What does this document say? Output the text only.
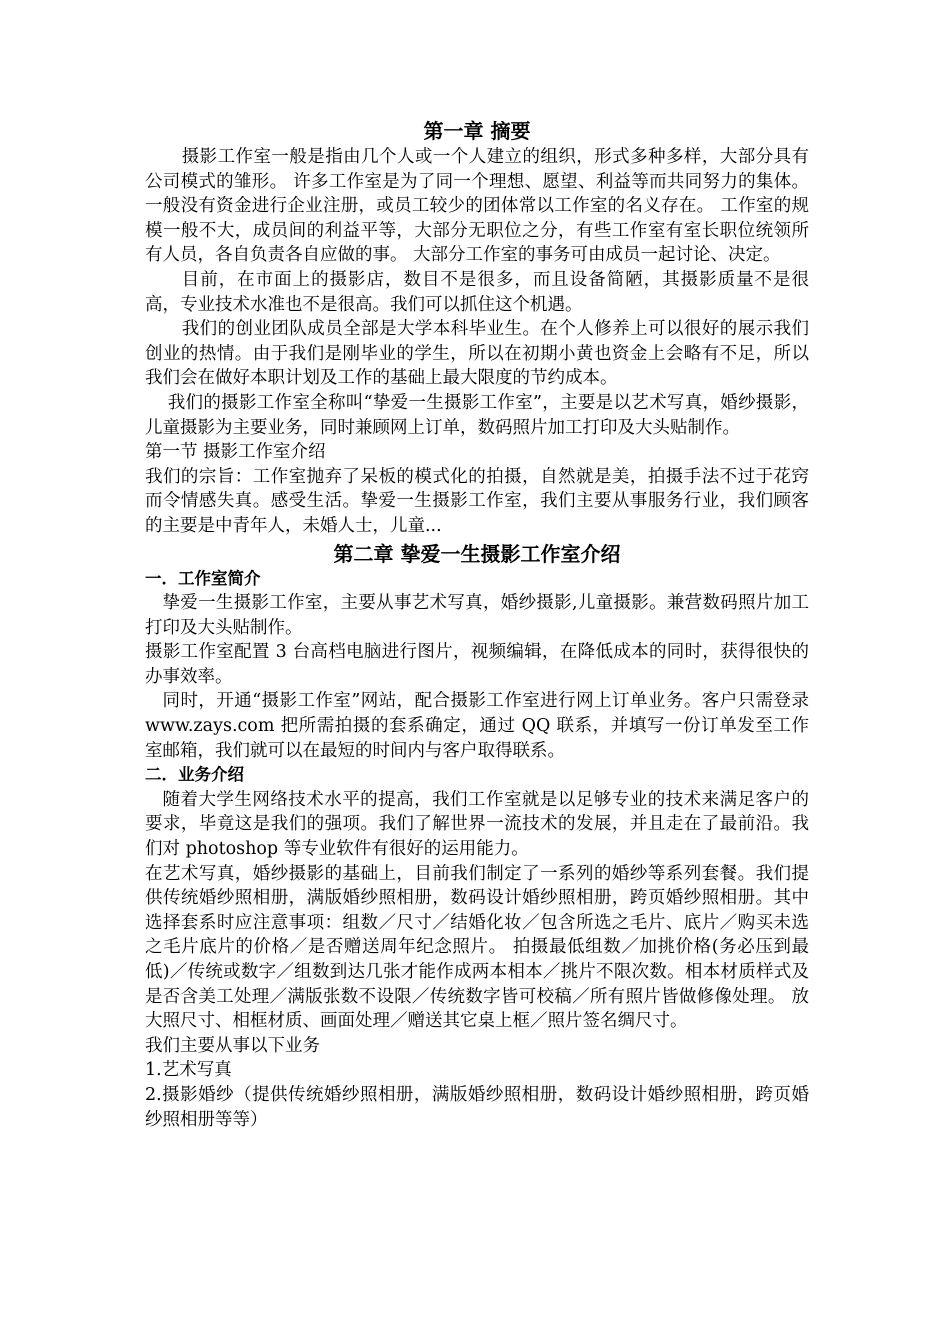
第一章 摘要

摄影工作室一般是指由几个人或一个人建立的组织，形式多种多样，大部分具有公司模式的雏形。 许多工作室是为了同一个理想、愿望、利益等而共同努力的集体。一般没有资金进行企业注册，或员工较少的团体常以工作室的名义存在。 工作室的规模一般不大，成员间的利益平等，大部分无职位之分，有些工作室有室长职位统领所有人员，各自负责各自应做的事。 大部分工作室的事务可由成员一起讨论、决定。

目前，在市面上的摄影店，数目不是很多，而且设备简陋，其摄影质量不是很高，专业技术水准也不是很高。我们可以抓住这个机遇。

我们的创业团队成员全部是大学本科毕业生。在个人修养上可以很好的展示我们创业的热情。由于我们是刚毕业的学生，所以在初期小黄也资金上会略有不足，所以我们会在做好本职计划及工作的基础上最大限度的节约成本。

我们的摄影工作室全称叫“挚爱一生摄影工作室”，主要是以艺术写真，婚纱摄影，儿童摄影为主要业务，同时兼顾网上订单，数码照片加工打印及大头贴制作。

第一节 摄影工作室介绍

我们的宗旨：工作室抛弃了呆板的模式化的拍摄，自然就是美，拍摄手法不过于花窍而令情感失真。感受生活。挚爱一生摄影工作室，我们主要从事服务行业，我们顾客的主要是中青年人，未婚人士，儿童...

第二章 挚爱一生摄影工作室介绍

一．工作室简介

挚爱一生摄影工作室，主要从事艺术写真，婚纱摄影,儿童摄影。兼营数码照片加工打印及大头贴制作。

摄影工作室配置 3 台高档电脑进行图片，视频编辑，在降低成本的同时，获得很快的办事效率。

同时，开通“摄影工作室”网站，配合摄影工作室进行网上订单业务。客户只需登录 www.zays.com 把所需拍摄的套系确定，通过 QQ 联系，并填写一份订单发至工作室邮箱，我们就可以在最短的时间内与客户取得联系。

二．业务介绍

随着大学生网络技术水平的提高，我们工作室就是以足够专业的技术来满足客户的要求，毕竟这是我们的强项。我们了解世界一流技术的发展，并且走在了最前沿。我们对 photoshop 等专业软件有很好的运用能力。

在艺术写真，婚纱摄影的基础上，目前我们制定了一系列的婚纱等系列套餐。我们提供传统婚纱照相册，满版婚纱照相册，数码设计婚纱照相册，跨页婚纱照相册。其中选择套系时应注意事项：组数／尺寸／结婚化妆／包含所选之毛片、底片／购买未选之毛片底片的价格／是否赠送周年纪念照片。 拍摄最低组数／加挑价格(务必压到最低)／传统或数字／组数到达几张才能作成两本相本／挑片不限次数。相本材质样式及是否含美工处理／满版张数不设限／传统数字皆可校稿／所有照片皆做修像处理。 放大照尺寸、相框材质、画面处理／赠送其它桌上框／照片签名绸尺寸。

我们主要从事以下业务

1.艺术写真

2.摄影婚纱（提供传统婚纱照相册，满版婚纱照相册，数码设计婚纱照相册，跨页婚纱照相册等等）
